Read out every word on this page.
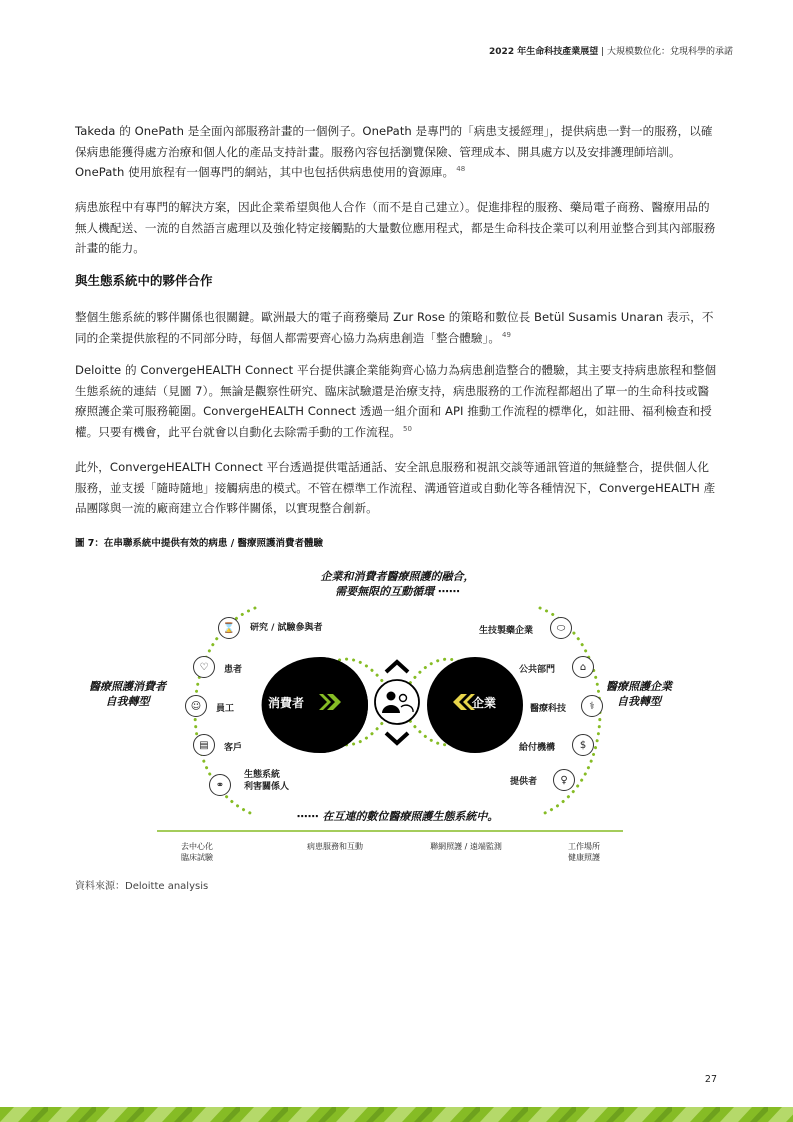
2022 年生命科技產業展望 | 大規模數位化：兌現科學的承諾
Takeda 的 OnePath 是全面內部服務計畫的一個例子。OnePath 是專門的「病患支援經理」，提供病患一對一的服務，以確保病患能獲得處方治療和個人化的產品支持計畫。服務內容包括瀏覽保險、管理成本、開具處方以及安排護理師培訓。OnePath 使用旅程有一個專門的網站，其中也包括供病患使用的資源庫。 $^{48}$
病患旅程中有專門的解決方案，因此企業希望與他人合作（而不是自己建立）。促進排程的服務、藥局電子商務、醫療用品的無人機配送、一流的自然語言處理以及強化特定接觸點的大量數位應用程式，都是生命科技企業可以利用並整合到其內部服務計畫的能力。
與生態系統中的夥伴合作
整個生態系統的夥伴關係也很關鍵。歐洲最大的電子商務藥局 Zur Rose 的策略和數位長 Betül Susamis Unaran 表示，不同的企業提供旅程的不同部分時，每個人都需要齊心協力為病患創造「整合體驗」。 $^{49}$
Deloitte 的 ConvergeHEALTH Connect 平台提供讓企業能夠齊心協力為病患創造整合的體驗，其主要支持病患旅程和整個生態系統的連結（見圖 7）。無論是觀察性研究、臨床試驗還是治療支持，病患服務的工作流程都超出了單一的生命科技或醫療照護企業可服務範圍。ConvergeHEALTH Connect 透過一組介面和 API 推動工作流程的標準化，如註冊、福利檢查和授權。只要有機會，此平台就會以自動化去除需手動的工作流程。 $^{50}$
此外，ConvergeHEALTH Connect 平台透過提供電話通話、安全訊息服務和視訊交談等通訊管道的無縫整合，提供個人化服務，並支援「隨時隨地」接觸病患的模式。不管在標準工作流程、溝通管道或自動化等各種情況下，ConvergeHEALTH 產品團隊與一流的廠商建立合作夥伴關係，以實現整合創新。
圖 7：在串聯系統中提供有效的病患 / 醫療照護消費者體驗
企業和消費者醫療照護的融合，
需要無限的互動循環 ⋯⋯
醫療照護消費者
自我轉型
醫療照護企業
自我轉型
消費者	企業
⌛	研究 / 試驗參與者
♡	患者
☺	員工
▤	客戶
⚭
生態系統
利害關係人
生技製藥企業	⬭
公共部門	⌂
醫療科技	⚕
給付機構	$
提供者	♀
⋯⋯ 在互連的數位醫療照護生態系統中。
去中心化
臨床試驗
病患服務和互動	聯網照護 / 遠端監測	工作場所
健康照護
資料來源：Deloitte analysis
27
